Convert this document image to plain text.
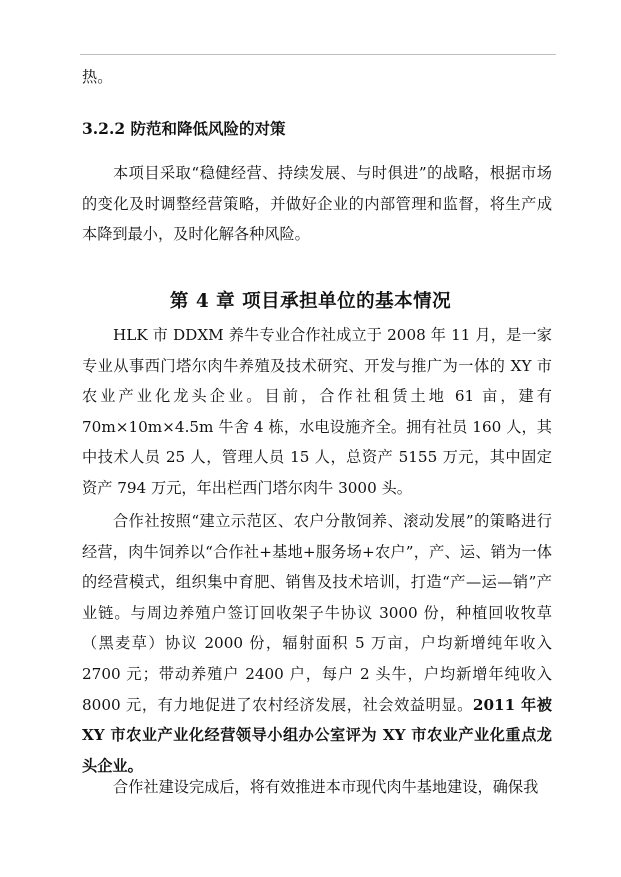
热。

3.2.2 防范和降低风险的对策

本项目采取“稳健经营、持续发展、与时俱进”的战略，根据市场的变化及时调整经营策略，并做好企业的内部管理和监督，将生产成本降到最小，及时化解各种风险。

第 4 章 项目承担单位的基本情况

HLK 市 DDXM 养牛专业合作社成立于 2008 年 11 月，是一家专业从事西门塔尔肉牛养殖及技术研究、开发与推广为一体的 XY 市农业产业化龙头企业。目前，合作社租赁土地 61 亩，建有 70m×10m×4.5m 牛舍 4 栋，水电设施齐全。拥有社员 160 人，其中技术人员 25 人，管理人员 15 人，总资产 5155 万元，其中固定资产 794 万元，年出栏西门塔尔肉牛 3000 头。

合作社按照“建立示范区、农户分散饲养、滚动发展”的策略进行经营，肉牛饲养以“合作社+基地+服务场+农户”，产、运、销为一体的经营模式，组织集中育肥、销售及技术培训，打造“产—运—销”产业链。与周边养殖户签订回收架子牛协议 3000 份，种植回收牧草（黑麦草）协议 2000 份，辐射面积 5 万亩，户均新增纯年收入 2700 元；带动养殖户 2400 户，每户 2 头牛，户均新增年纯收入 8000 元，有力地促进了农村经济发展，社会效益明显。2011 年被 XY 市农业产业化经营领导小组办公室评为 XY 市农业产业化重点龙头企业。

合作社建设完成后，将有效推进本市现代肉牛基地建设，确保我
